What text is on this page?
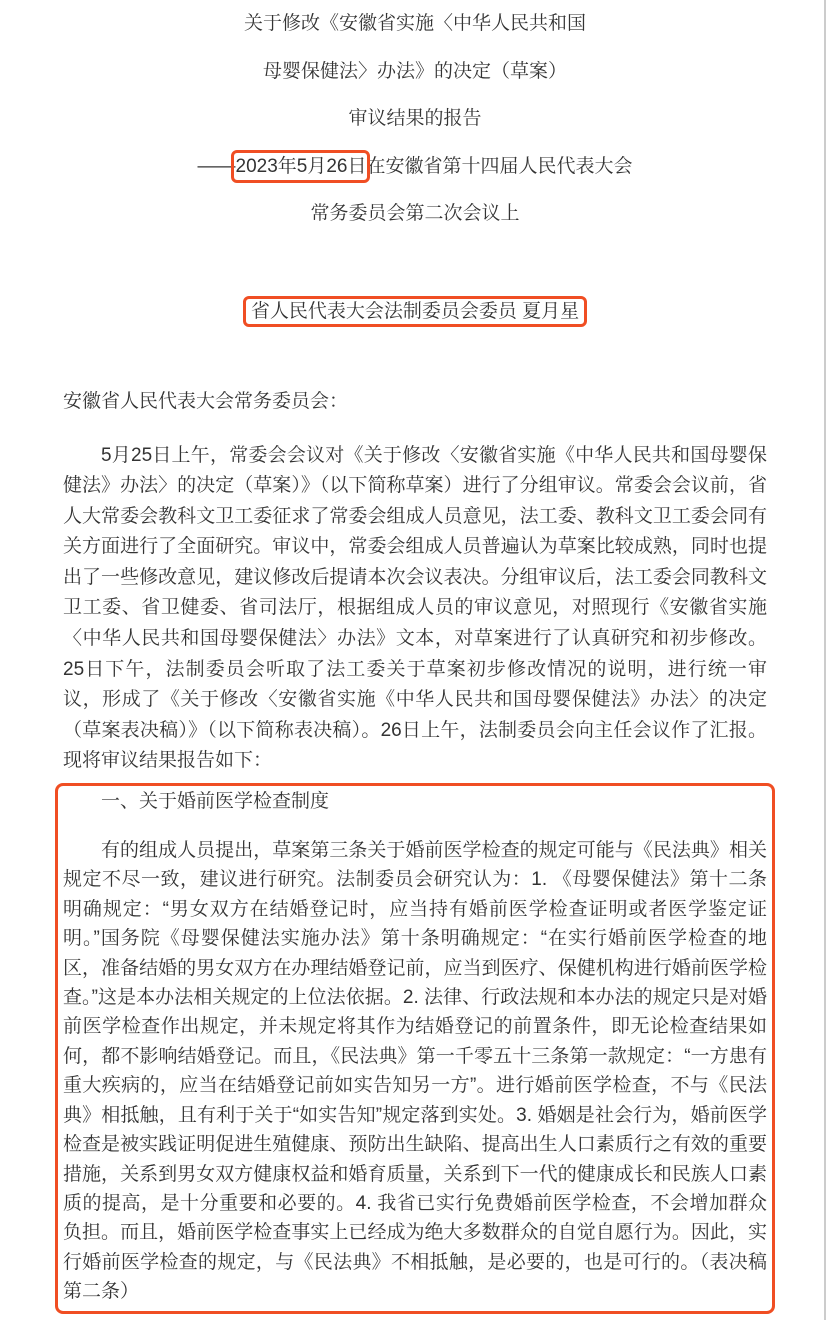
关于修改《安徽省实施〈中华人民共和国
母婴保健法〉办法》的决定（草案）
审议结果的报告
——2023年5月26日在安徽省第十四届人民代表大会
常务委员会第二次会议上
省人民代表大会法制委员会委员 夏月星
安徽省人民代表大会常务委员会：
5月25日上午，常委会会议对《关于修改〈安徽省实施《中华人民共和国母婴保健法》办法〉的决定（草案）》（以下简称草案）进行了分组审议。常委会会议前，省人大常委会教科文卫工委征求了常委会组成人员意见，法工委、教科文卫工委会同有关方面进行了全面研究。审议中，常委会组成人员普遍认为草案比较成熟，同时也提出了一些修改意见，建议修改后提请本次会议表决。分组审议后，法工委会同教科文卫工委、省卫健委、省司法厅，根据组成人员的审议意见，对照现行《安徽省实施〈中华人民共和国母婴保健法〉办法》文本，对草案进行了认真研究和初步修改。25日下午，法制委员会听取了法工委关于草案初步修改情况的说明，进行统一审议，形成了《关于修改〈安徽省实施《中华人民共和国母婴保健法》办法〉的决定（草案表决稿）》（以下简称表决稿）。26日上午，法制委员会向主任会议作了汇报。现将审议结果报告如下：
一、关于婚前医学检查制度
有的组成人员提出，草案第三条关于婚前医学检查的规定可能与《民法典》相关规定不尽一致，建议进行研究。法制委员会研究认为：1. 《母婴保健法》第十二条明确规定：“男女双方在结婚登记时，应当持有婚前医学检查证明或者医学鉴定证明。”国务院《母婴保健法实施办法》第十条明确规定：“在实行婚前医学检查的地区，准备结婚的男女双方在办理结婚登记前，应当到医疗、保健机构进行婚前医学检查。”这是本办法相关规定的上位法依据。2. 法律、行政法规和本办法的规定只是对婚前医学检查作出规定，并未规定将其作为结婚登记的前置条件，即无论检查结果如何，都不影响结婚登记。而且，《民法典》第一千零五十三条第一款规定：“一方患有重大疾病的，应当在结婚登记前如实告知另一方”。进行婚前医学检查，不与《民法典》相抵触，且有利于关于“如实告知”规定落到实处。3. 婚姻是社会行为，婚前医学检查是被实践证明促进生殖健康、预防出生缺陷、提高出生人口素质行之有效的重要措施，关系到男女双方健康权益和婚育质量，关系到下一代的健康成长和民族人口素质的提高，是十分重要和必要的。4. 我省已实行免费婚前医学检查，不会增加群众负担。而且，婚前医学检查事实上已经成为绝大多数群众的自觉自愿行为。因此，实行婚前医学检查的规定，与《民法典》不相抵触，是必要的，也是可行的。（表决稿第二条）
